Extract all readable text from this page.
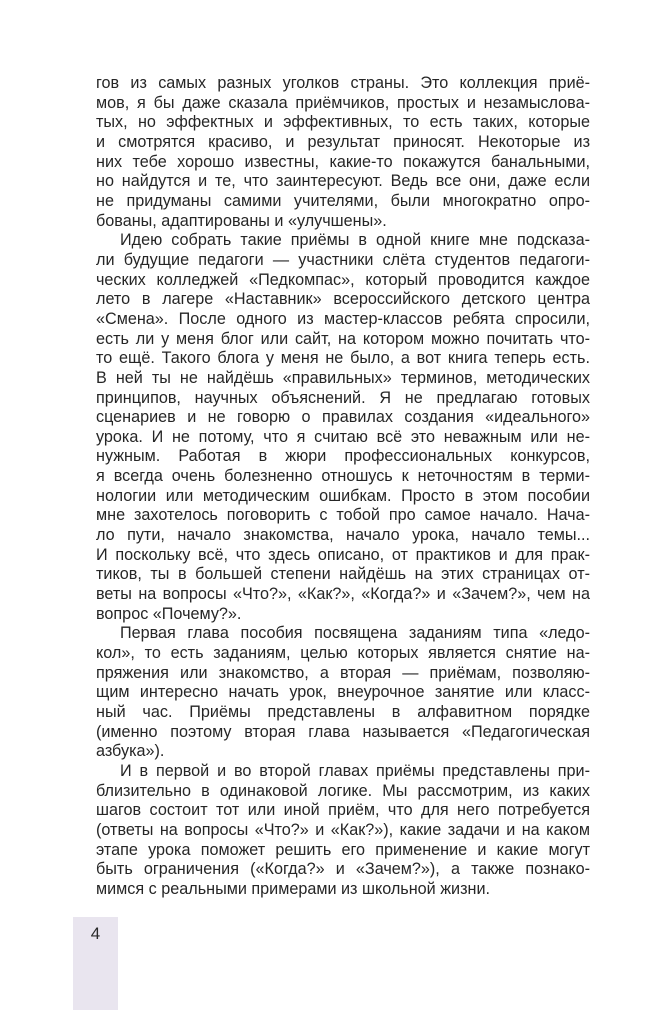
гов из самых разных уголков страны. Это коллекция приё-
мов, я бы даже сказала приёмчиков, простых и незамыслова-
тых, но эффектных и эффективных, то есть таких, которые
и смотрятся красиво, и результат приносят. Некоторые из
них тебе хорошо известны, какие-то покажутся банальными,
но найдутся и те, что заинтересуют. Ведь все они, даже если
не придуманы самими учителями, были многократно опро-
бованы, адаптированы и «улучшены».
Идею собрать такие приёмы в одной книге мне подсказа-
ли будущие педагоги — участники слёта студентов педагоги-
ческих колледжей «Педкомпас», который проводится каждое
лето в лагере «Наставник» всероссийского детского центра
«Смена». После одного из мастер-классов ребята спросили,
есть ли у меня блог или сайт, на котором можно почитать что-
то ещё. Такого блога у меня не было, а вот книга теперь есть.
В ней ты не найдёшь «правильных» терминов, методических
принципов, научных объяснений. Я не предлагаю готовых
сценариев и не говорю о правилах создания «идеального»
урока. И не потому, что я считаю всё это неважным или не-
нужным. Работая в жюри профессиональных конкурсов,
я всегда очень болезненно отношусь к неточностям в терми-
нологии или методическим ошибкам. Просто в этом пособии
мне захотелось поговорить с тобой про самое начало. Нача-
ло пути, начало знакомства, начало урока, начало темы...
И поскольку всё, что здесь описано, от практиков и для прак-
тиков, ты в большей степени найдёшь на этих страницах от-
веты на вопросы «Что?», «Как?», «Когда?» и «Зачем?», чем на
вопрос «Почему?».
Первая глава пособия посвящена заданиям типа «ледо-
кол», то есть заданиям, целью которых является снятие на-
пряжения или знакомство, а вторая — приёмам, позволяю-
щим интересно начать урок, внеурочное занятие или класс-
ный час. Приёмы представлены в алфавитном порядке
(именно поэтому вторая глава называется «Педагогическая
азбука»).
И в первой и во второй главах приёмы представлены при-
близительно в одинаковой логике. Мы рассмотрим, из каких
шагов состоит тот или иной приём, что для него потребуется
(ответы на вопросы «Что?» и «Как?»), какие задачи и на каком
этапе урока поможет решить его применение и какие могут
быть ограничения («Когда?» и «Зачем?»), а также познако-
мимся с реальными примерами из школьной жизни.
4
